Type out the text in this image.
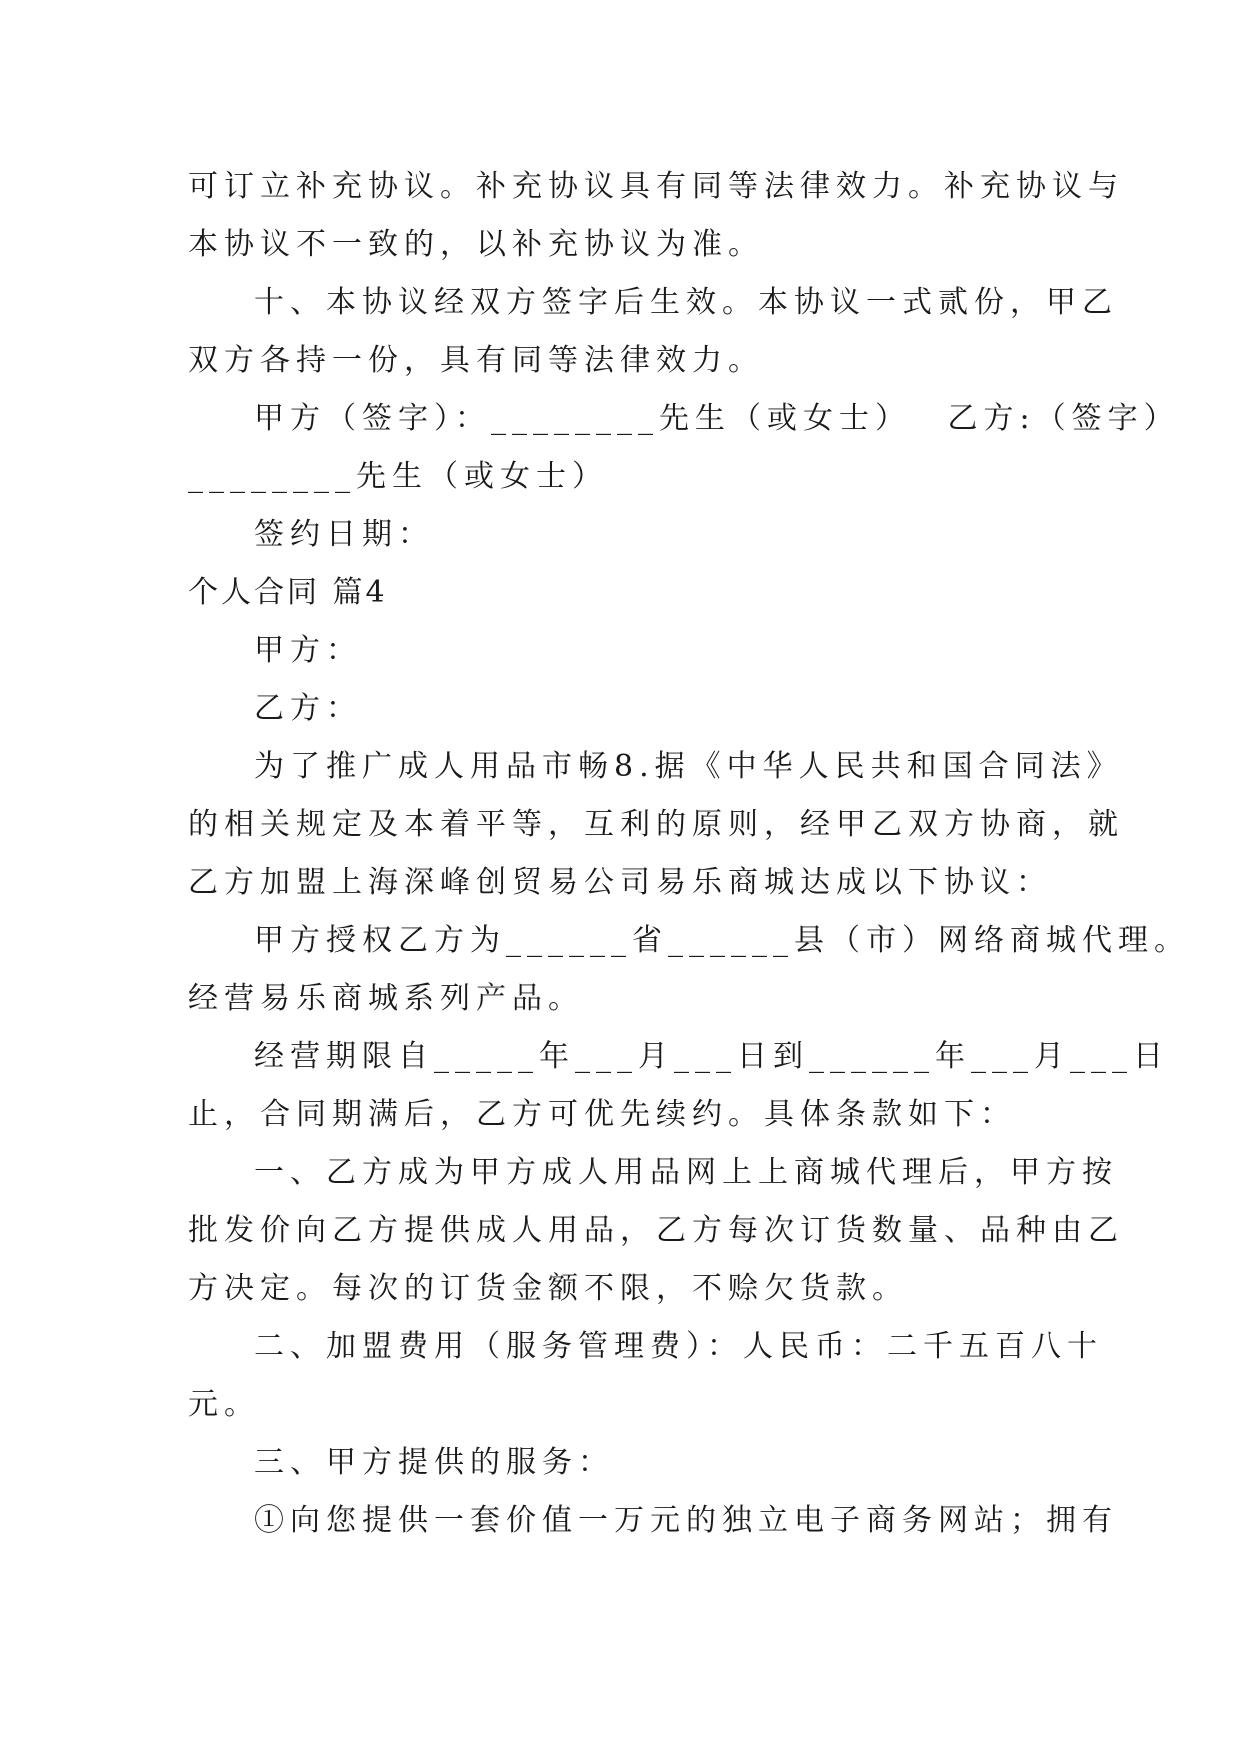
可订立补充协议。补充协议具有同等法律效力。补充协议与
本协议不一致的，以补充协议为准。
十、本协议经双方签字后生效。本协议一式贰份，甲乙
双方各持一份，具有同等法律效力。
甲方（签字）：________先生（或女士）　 乙方:（签字）
________先生（或女士）
签约日期：
个人合同 篇4
甲方：
乙方：
为了推广成人用品市畅8.据《中华人民共和国合同法》
的相关规定及本着平等，互利的原则，经甲乙双方协商，就
乙方加盟上海深峰创贸易公司易乐商城达成以下协议：
甲方授权乙方为______省______县（市）网络商城代理。
经营易乐商城系列产品。
经营期限自_____年___月___日到______年___月___日
止，合同期满后，乙方可优先续约。具体条款如下：
一、乙方成为甲方成人用品网上上商城代理后，甲方按
批发价向乙方提供成人用品，乙方每次订货数量、品种由乙
方决定。每次的订货金额不限，不赊欠货款。
二、加盟费用（服务管理费）：人民币：二千五百八十
元。
三、甲方提供的服务：
①向您提供一套价值一万元的独立电子商务网站；拥有
